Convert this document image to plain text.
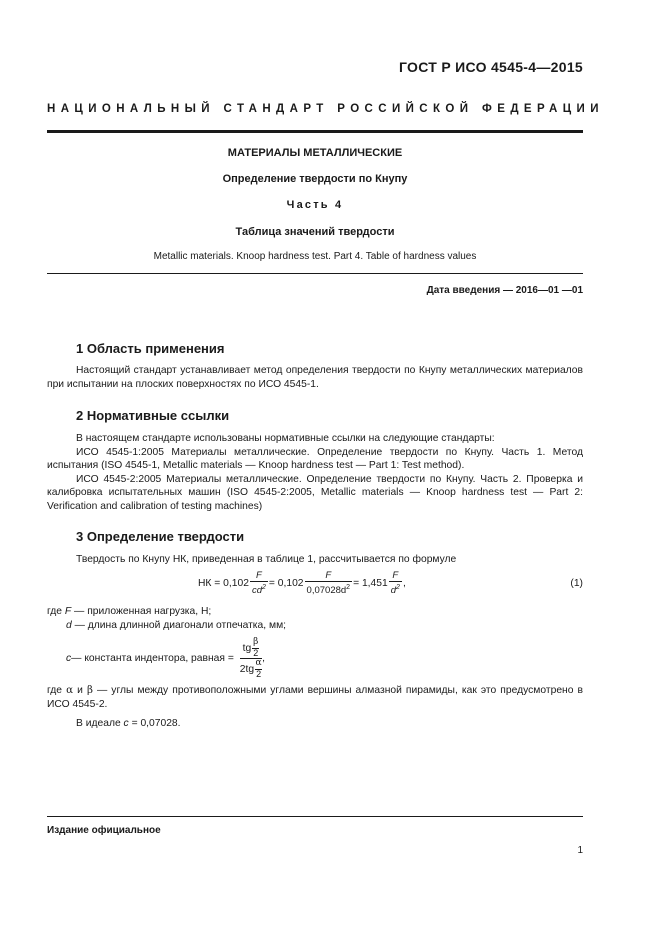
ГОСТ Р ИСО 4545-4—2015
НАЦИОНАЛЬНЫЙ СТАНДАРТ РОССИЙСКОЙ ФЕДЕРАЦИИ
МАТЕРИАЛЫ МЕТАЛЛИЧЕСКИЕ
Определение твердости по Кнупу
Часть 4
Таблица значений твердости
Metallic materials. Knoop hardness test. Part 4. Table of hardness values
Дата введения — 2016—01 —01
1 Область применения

Настоящий стандарт устанавливает метод определения твердости по Кнупу металлических материалов при испытании на плоских поверхностях по ИСО 4545-1.

2 Нормативные ссылки

В настоящем стандарте использованы нормативные ссылки на следующие стандарты:

ИСО 4545-1:2005 Материалы металлические. Определение твердости по Кнупу. Часть 1. Метод испытания (ISO 4545-1, Metallic materials — Knoop hardness test — Part 1: Test method).

ИСО 4545-2:2005 Материалы металлические. Определение твердости по Кнупу. Часть 2. Проверка и калибровка испытательных машин (ISO 4545-2:2005, Metallic materials — Knoop hardness test — Part 2: Verification and calibration of testing machines)

3 Определение твердости

Твердость по Кнупу НК, приведенная в таблице 1, рассчитывается по формуле

НК = $0,102 \frac{F}{cd^2} = 0,102 \frac{F}{0,07028d^2} = 1,451 \frac{F}{d^2}$ ,	(1)
где F — приложенная нагрузка, Н;
d — длина длинной диагонали отпечатка, мм;
c — константа индентора, равная = $\frac{tg \frac{\beta}{2}}{2tg \frac{\alpha}{2}}$ ,

где α и β — углы между противоположными углами вершины алмазной пирамиды, как это предусмотрено в ИСО 4545-2.

В идеале c = 0,07028.
Издание официальное
1
